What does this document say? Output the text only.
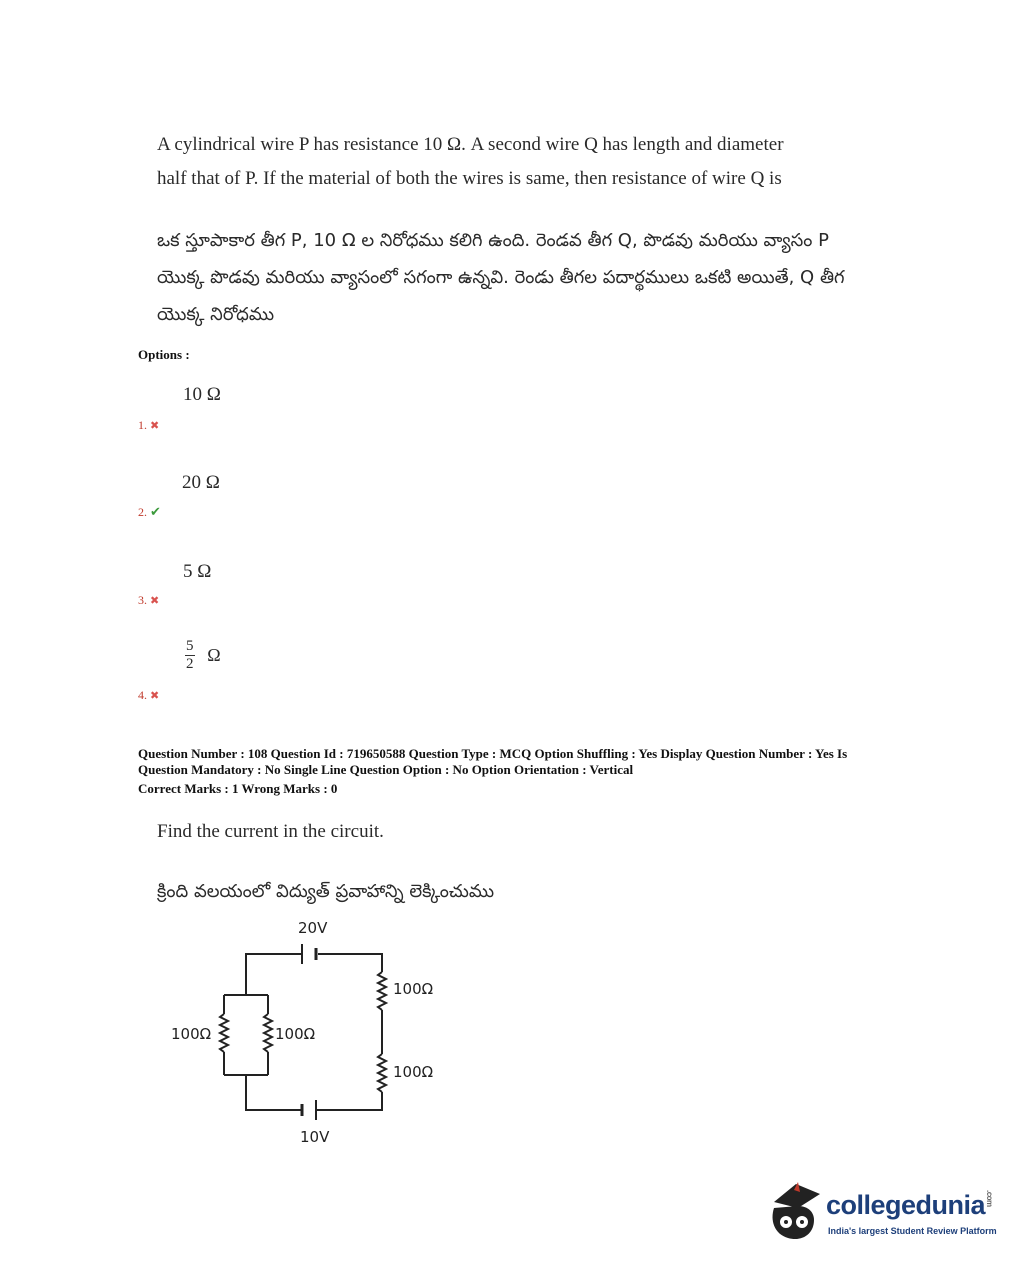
A cylindrical wire P has resistance 10 Ω. A second wire Q has length and diameter
half that of P. If the material of both the wires is same, then resistance of wire Q is
ఒక స్తూపాకార తీగ P, 10 Ω ల నిరోధము కలిగి ఉంది. రెండవ తీగ Q, పొడవు మరియు వ్యాసం P
యొక్క పొడవు మరియు వ్యాసంలో సగంగా ఉన్నవి. రెండు తీగల పదార్థములు ఒకటి అయితే, Q తీగ
యొక్క నిరోధము
Options :
10 Ω
1. ✖
20 Ω
2. ✔
5 Ω
3. ✖
$\frac{5}{2}$ Ω
4. ✖
Question Number : 108 Question Id : 719650588 Question Type : MCQ Option Shuffling : Yes Display Question Number : Yes Is
Question Mandatory : No Single Line Question Option : No Option Orientation : Vertical
Correct Marks : 1 Wrong Marks : 0
Find the current in the circuit.
క్రింది వలయంలో విద్యుత్ ప్రవాహాన్ని లెక్కించుము
20V
10V
100Ω
100Ω
100Ω	100Ω
collegedunia.com
India's largest Student Review Platform
